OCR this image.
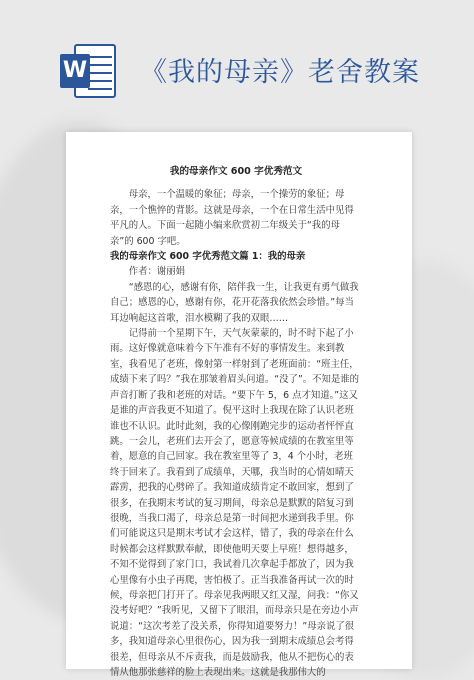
W 《我的母亲》老舍教案
我的母亲作文 600 字优秀范文

母亲，一个温暖的象征；母亲，一个操劳的象征；母亲，一个憔悴的背影。这就是母亲，一个在日常生活中见得平凡的人。下面一起随小编来欣赏初二年级关于“我的母亲”的 600 字吧。

我的母亲作文 600 字优秀范文篇 1：我的母亲

作者：谢丽娟

“感恩的心，感谢有你，陪伴我一生，让我更有勇气做我自己；感恩的心，感谢有你，花开花落我依然会珍惜。”每当耳边响起这首歌，泪水模糊了我的双眼……

记得前一个星期下午，天气灰蒙蒙的，时不时下起了小雨。这好像就意味着今下午准有不好的事情发生。来到教室，我看见了老班，像射第一样射到了老班面前：“班主任，成绩下来了吗？”我在那皱着眉头问道。“没了”。不知是谁的声音打断了我和老班的对话。“要下午 5，6 点才知道。”这又是谁的声音我更不知道了。倪平这时上我现在除了认识老班谁也不认识。此时此刻，我的心像刚跑完步的运动者怦怦直跳。一会儿，老班们去开会了，愿意等候成绩的在教室里等着，愿意的自己回家。我在教室里等了 3，4 个小时，老班终于回来了。我看到了成绩单，天哪，我当时的心情如晴天霹雳，把我的心劈碎了。我知道成绩肯定不敢回家，想到了很多，在我期末考试的复习期间，母亲总是默默的陪复习到很晚，当我口渴了，母亲总是第一时间把水递到我手里。你们可能说这只是期末考试才会这样，错了，我的母亲在什么时候都会这样默默奉献，即使他明天要上早班！想得越多，不知不觉得到了家门口，我试着几次拿起手都放了，因为我心里像有小虫子再爬，害怕极了。正当我准备再试一次的时候，母亲把门打开了。母亲见我两眼又红又湿，问我：“你又没考好吧？”我听见，又留下了眼泪，而母亲只是在旁边小声说道：“这次考差了没关系，你得知道要努力！”母亲说了很多，我知道母亲心里很伤心，因为我一到期末成绩总会考得很差，但母亲从不斥责我，而是鼓励我，他从不把伤心的表情从他那张慈祥的脸上表现出来。这就是我那伟大的
